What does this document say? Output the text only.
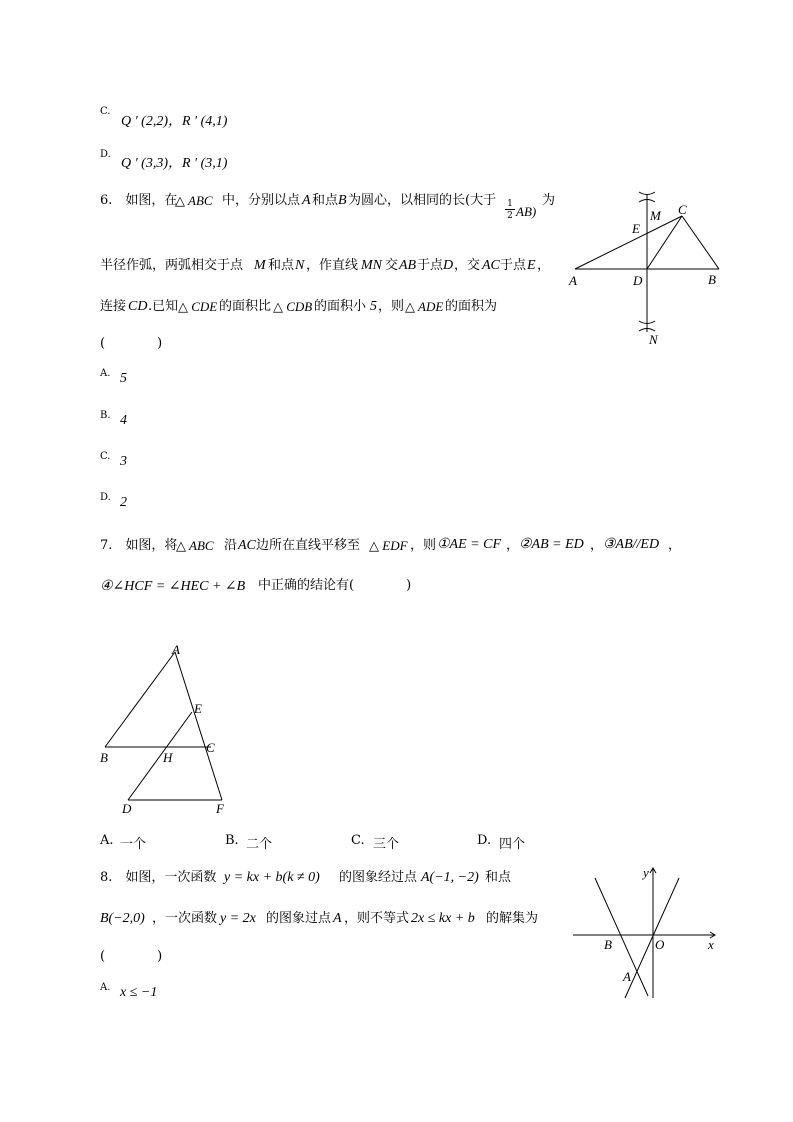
C.
Q ′ (2,2)，R ′ (4,1)
D.
Q ′ (3,3)，R ′ (3,1)
6.　如图，在
△ ABC 中，分别以点 A 和点 B 为圆心，以相同的长(大于 1
2 AB)
为
半径作弧，两弧相交于点 M 和点 N ，作直线 MN 交 AB 于点 D ，交 AC 于点 E ，
连接 CD .已知 △ CDE 的面积比 △ CDB 的面积小 5 ，则 △ ADE 的面积为
(　　　　)
A. 5
B. 4
C. 3
D. 2
M C
E
A	D	B
N
7.　如图，将
△ ABC 沿 AC 边所在直线平移至 △ EDF ，则 ①AE = CF ， ②AB = ED ， ③AB//ED ，
④∠HCF = ∠HEC + ∠B 中正确的结论有(　　　　)
A
E
B	H
C
D	F
A. 一个	B. 二个	C. 三个	D. 四个
8.　如图，一次函数 y = kx + b(k ≠ 0) 的图象经过点 A(−1, −2) 和点
B(−2,0) ，一次函数 y = 2x 的图象过点 A ，则不等式 2x ≤ kx + b 的解集为
(　　　　)
A. x ≤ −1
y
x
B	O
A
